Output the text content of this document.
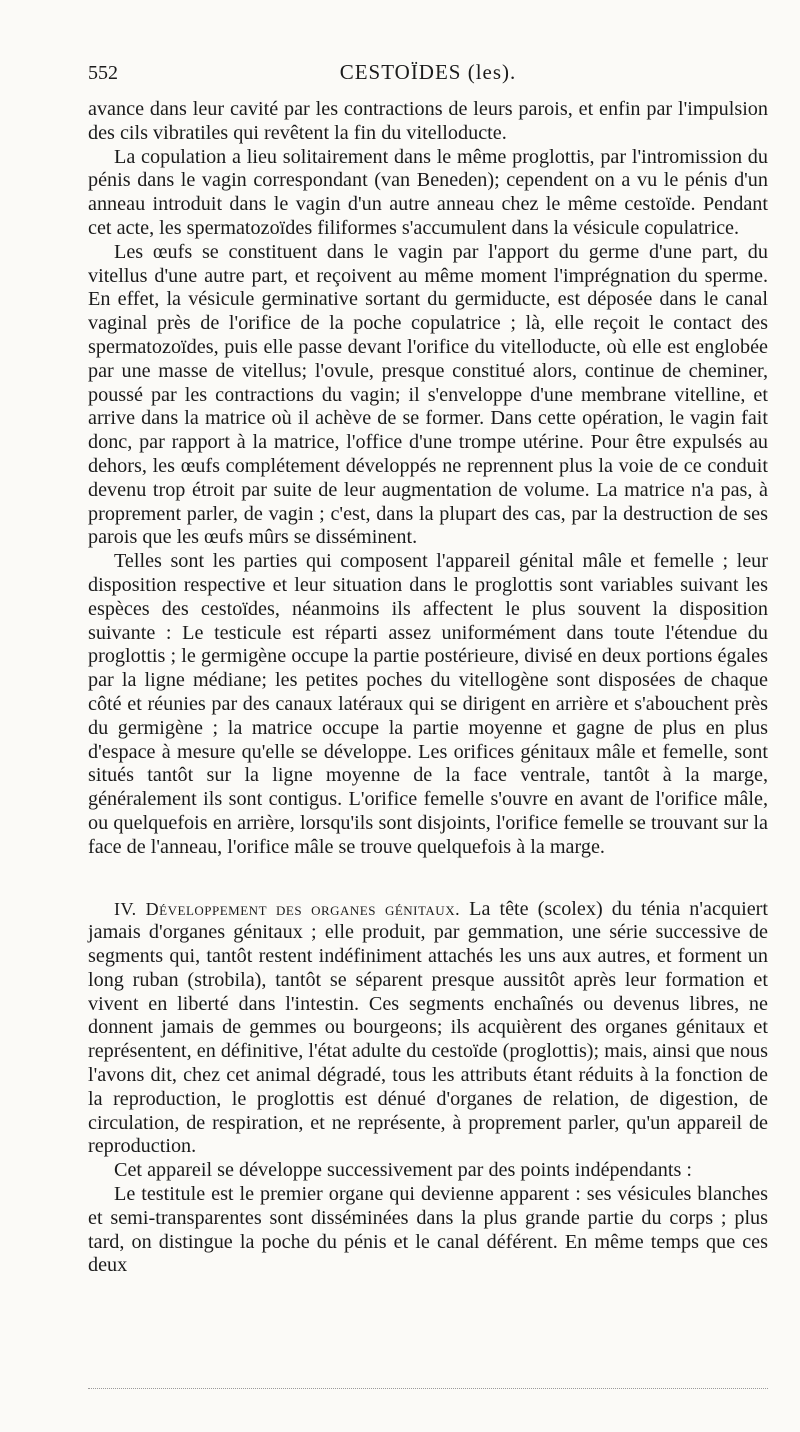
552	CESTOÏDES (les).

avance dans leur cavité par les contractions de leurs parois, et enfin par l'impulsion des cils vibratiles qui revêtent la fin du vitelloducte.

La copulation a lieu solitairement dans le même proglottis, par l'intromission du pénis dans le vagin correspondant (van Beneden); cependent on a vu le pénis d'un anneau introduit dans le vagin d'un autre anneau chez le même cestoïde. Pendant cet acte, les spermatozoïdes filiformes s'accumulent dans la vésicule copulatrice.

Les œufs se constituent dans le vagin par l'apport du germe d'une part, du vitellus d'une autre part, et reçoivent au même moment l'imprégnation du sperme. En effet, la vésicule germinative sortant du germiducte, est déposée dans le canal vaginal près de l'orifice de la poche copulatrice ; là, elle reçoit le contact des spermatozoïdes, puis elle passe devant l'orifice du vitelloducte, où elle est englobée par une masse de vitellus; l'ovule, presque constitué alors, continue de cheminer, poussé par les contractions du vagin; il s'enveloppe d'une membrane vitelline, et arrive dans la matrice où il achève de se former. Dans cette opération, le vagin fait donc, par rapport à la matrice, l'office d'une trompe utérine. Pour être expulsés au dehors, les œufs complétement développés ne reprennent plus la voie de ce conduit devenu trop étroit par suite de leur augmentation de volume. La matrice n'a pas, à proprement parler, de vagin ; c'est, dans la plupart des cas, par la destruction de ses parois que les œufs mûrs se disséminent.

Telles sont les parties qui composent l'appareil génital mâle et femelle ; leur disposition respective et leur situation dans le proglottis sont variables suivant les espèces des cestoïdes, néanmoins ils affectent le plus souvent la disposition suivante : Le testicule est réparti assez uniformément dans toute l'étendue du proglottis ; le germigène occupe la partie postérieure, divisé en deux portions égales par la ligne médiane; les petites poches du vitellogène sont disposées de chaque côté et réunies par des canaux latéraux qui se dirigent en arrière et s'abouchent près du germigène ; la matrice occupe la partie moyenne et gagne de plus en plus d'espace à mesure qu'elle se développe. Les orifices génitaux mâle et femelle, sont situés tantôt sur la ligne moyenne de la face ventrale, tantôt à la marge, généralement ils sont contigus. L'orifice femelle s'ouvre en avant de l'orifice mâle, ou quelquefois en arrière, lorsqu'ils sont disjoints, l'orifice femelle se trouvant sur la face de l'anneau, l'orifice mâle se trouve quelquefois à la marge.

IV. Développement des organes génitaux. La tête (scolex) du ténia n'acquiert jamais d'organes génitaux ; elle produit, par gemmation, une série successive de segments qui, tantôt restent indéfiniment attachés les uns aux autres, et forment un long ruban (strobila), tantôt se séparent presque aussitôt après leur formation et vivent en liberté dans l'intestin. Ces segments enchaînés ou devenus libres, ne donnent jamais de gemmes ou bourgeons; ils acquièrent des organes génitaux et représentent, en définitive, l'état adulte du cestoïde (proglottis); mais, ainsi que nous l'avons dit, chez cet animal dégradé, tous les attributs étant réduits à la fonction de la reproduction, le proglottis est dénué d'organes de relation, de digestion, de circulation, de respiration, et ne représente, à proprement parler, qu'un appareil de reproduction.

Cet appareil se développe successivement par des points indépendants :

Le testitule est le premier organe qui devienne apparent : ses vésicules blanches et semi-transparentes sont disséminées dans la plus grande partie du corps ; plus tard, on distingue la poche du pénis et le canal déférent. En même temps que ces deux
